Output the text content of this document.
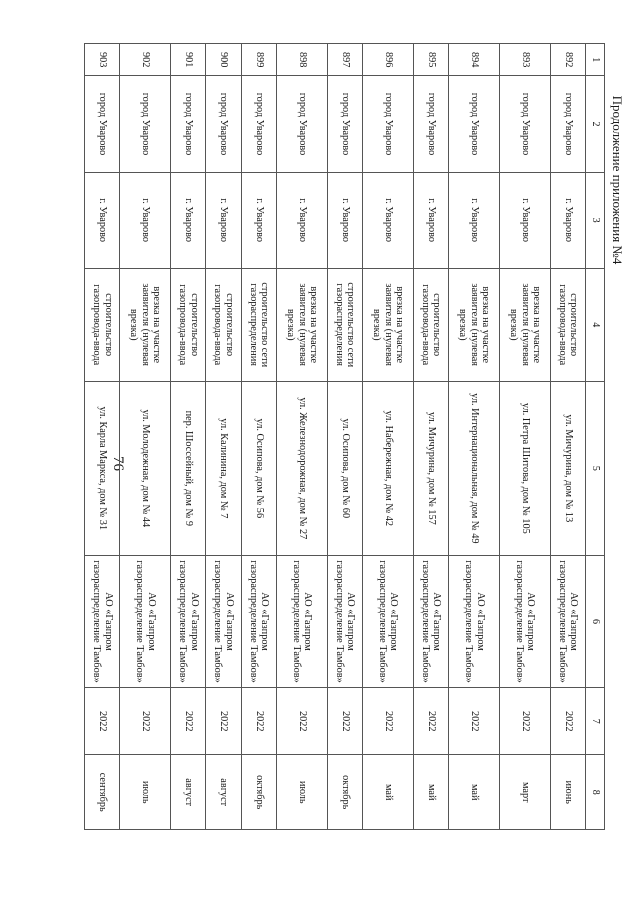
76
Продолжение приложения №4
1	2	3	4	5	6	7	8
892	город Уварово	г. Уварово	строительство газопровода-ввода	ул. Мичурина, дом № 13	АО «Газпром газораспределение Тамбов»	2022	июнь
893	город Уварово	г. Уварово	врезка на участке заявителя (нулевая врезка)	ул. Петра Шитова, дом № 105	АО «Газпром газораспределение Тамбов»	2022	март
894	город Уварово	г. Уварово	врезка на участке заявителя (нулевая врезка)	ул. Интернациональная, дом № 49	АО «Газпром газораспределение Тамбов»	2022	май
895	город Уварово	г. Уварово	строительство газопровода-ввода	ул. Мичурина, дом № 157	АО «Газпром газораспределение Тамбов»	2022	май
896	город Уварово	г. Уварово	врезка на участке заявителя (нулевая врезка)	ул. Набережная, дом № 42	АО «Газпром газораспределение Тамбов»	2022	май
897	город Уварово	г. Уварово	строительство сети газораспределения	ул. Осипова, дом № 60	АО «Газпром газораспределение Тамбов»	2022	октябрь
898	город Уварово	г. Уварово	врезка на участке заявителя (нулевая врезка)	ул. Железнодорожная, дом № 27	АО «Газпром газораспределение Тамбов»	2022	июль
899	город Уварово	г. Уварово	строительство сети газораспределения	ул. Осипова, дом № 56	АО «Газпром газораспределение Тамбов»	2022	октябрь
900	город Уварово	г. Уварово	строительство газопровода-ввода	ул. Калинина, дом № 7	АО «Газпром газораспределение Тамбов»	2022	август
901	город Уварово	г. Уварово	строительство газопровода-ввода	пер. Шоссейный, дом № 9	АО «Газпром газораспределение Тамбов»	2022	август
902	город Уварово	г. Уварово	врезка на участке заявителя (нулевая врезка)	ул. Молодежная, дом № 44	АО «Газпром газораспределение Тамбов»	2022	июль
903	город Уварово	г. Уварово	строительство газопровода-ввода	ул. Карла Маркса, дом № 31	АО «Газпром газораспределение Тамбов»	2022	сентябрь
